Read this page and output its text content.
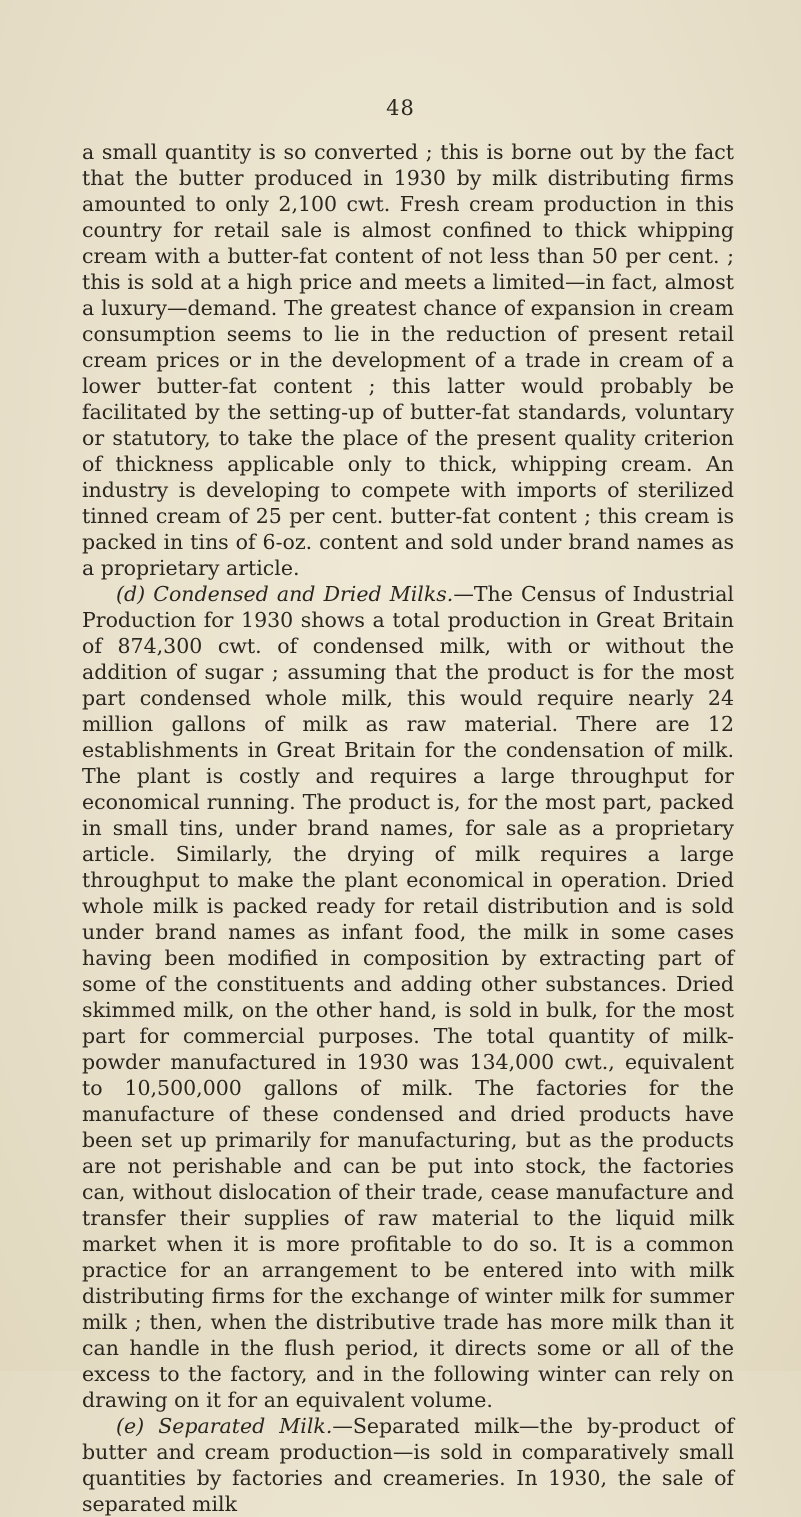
48

a small quantity is so converted ; this is borne out by the fact that the butter produced in 1930 by milk distributing firms amounted to only 2,100 cwt. Fresh cream production in this country for retail sale is almost confined to thick whipping cream with a butter-fat content of not less than 50 per cent. ; this is sold at a high price and meets a limited—in fact, almost a luxury—demand. The greatest chance of expansion in cream consumption seems to lie in the reduction of present retail cream prices or in the development of a trade in cream of a lower butter-fat content ; this latter would probably be facilitated by the setting-up of butter-fat standards, voluntary or statutory, to take the place of the present quality criterion of thickness applicable only to thick, whipping cream. An industry is developing to compete with imports of sterilized tinned cream of 25 per cent. butter-fat content ; this cream is packed in tins of 6-oz. content and sold under brand names as a proprietary article.

(d) Condensed and Dried Milks.—The Census of Industrial Production for 1930 shows a total production in Great Britain of 874,300 cwt. of condensed milk, with or without the addition of sugar ; assuming that the product is for the most part condensed whole milk, this would require nearly 24 million gallons of milk as raw material. There are 12 establishments in Great Britain for the condensation of milk. The plant is costly and requires a large throughput for economical running. The product is, for the most part, packed in small tins, under brand names, for sale as a proprietary article. Similarly, the drying of milk requires a large throughput to make the plant economical in operation. Dried whole milk is packed ready for retail distribution and is sold under brand names as infant food, the milk in some cases having been modified in composition by extracting part of some of the constituents and adding other substances. Dried skimmed milk, on the other hand, is sold in bulk, for the most part for commercial purposes. The total quantity of milk-powder manufactured in 1930 was 134,000 cwt., equivalent to 10,500,000 gallons of milk. The factories for the manufacture of these condensed and dried products have been set up primarily for manufacturing, but as the products are not perishable and can be put into stock, the factories can, without dislocation of their trade, cease manufacture and transfer their supplies of raw material to the liquid milk market when it is more profitable to do so. It is a common practice for an arrangement to be entered into with milk distributing firms for the exchange of winter milk for summer milk ; then, when the distributive trade has more milk than it can handle in the flush period, it directs some or all of the excess to the factory, and in the following winter can rely on drawing on it for an equivalent volume.

(e) Separated Milk.—Separated milk—the by-product of butter and cream production—is sold in comparatively small quantities by factories and creameries. In 1930, the sale of separated milk
